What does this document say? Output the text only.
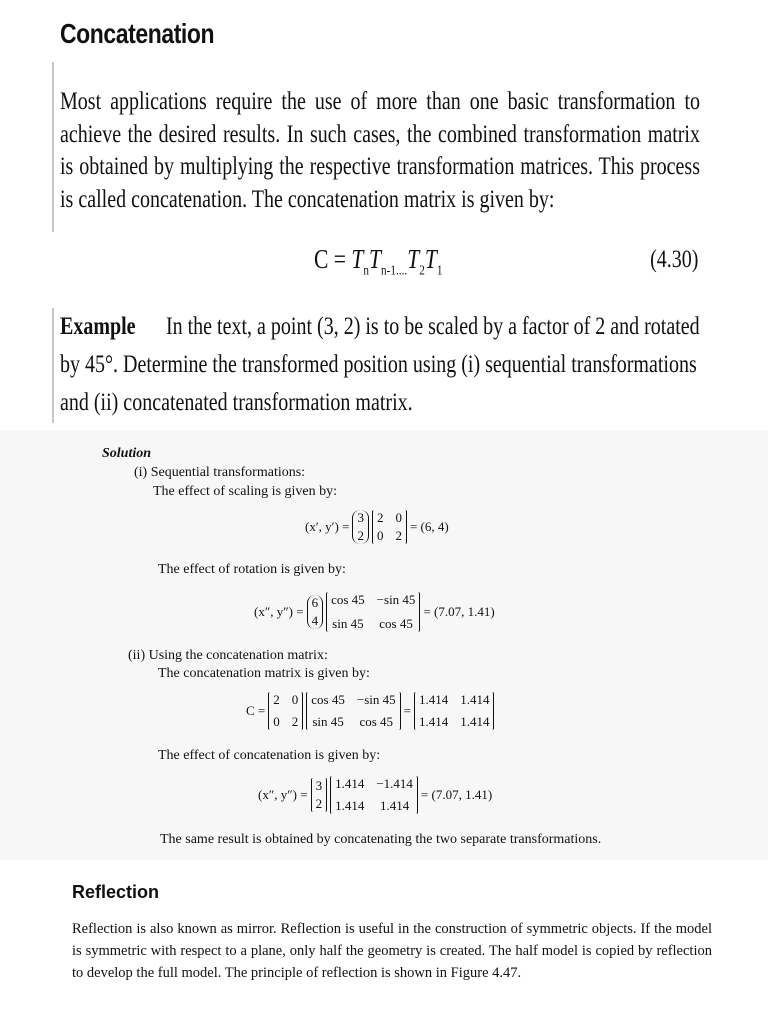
Concatenation
Most applications require the use of more than one basic transformation to achieve the desired results. In such cases, the combined transformation matrix is obtained by multiplying the respective transformation matrices. This process is called concatenation. The concatenation matrix is given by:
$C = T_nT_{n-1....}T_2T_1$	(4.30)
Example In the text, a point (3, 2) is to be scaled by a factor of 2 and rotated by 45°. Determine the transformed position using (i) sequential transformations and (ii) concatenated transformation matrix.
Solution
(i) Sequential transformations:
The effect of scaling is given by:
(x′, y′) =
3
2
2 0
0 2
= (6, 4)
The effect of rotation is given by:
(x″, y″) =
6
4
cos 45 −sin 45
sin 45 cos 45
= (7.07, 1.41)
(ii) Using the concatenation matrix:
The concatenation matrix is given by:
C =
2 0
0 2
cos 45 −sin 45
sin 45 cos 45
=
1.414 1.414
1.414 1.414
The effect of concatenation is given by:
(x″, y″) =
3
2
1.414 −1.414
1.414 1.414
= (7.07, 1.41)
The same result is obtained by concatenating the two separate transformations.
Reflection
Reflection is also known as mirror. Reflection is useful in the construction of symmetric objects. If the model is symmetric with respect to a plane, only half the geometry is created. The half model is copied by reflection to develop the full model. The principle of reflection is shown in Figure 4.47.
